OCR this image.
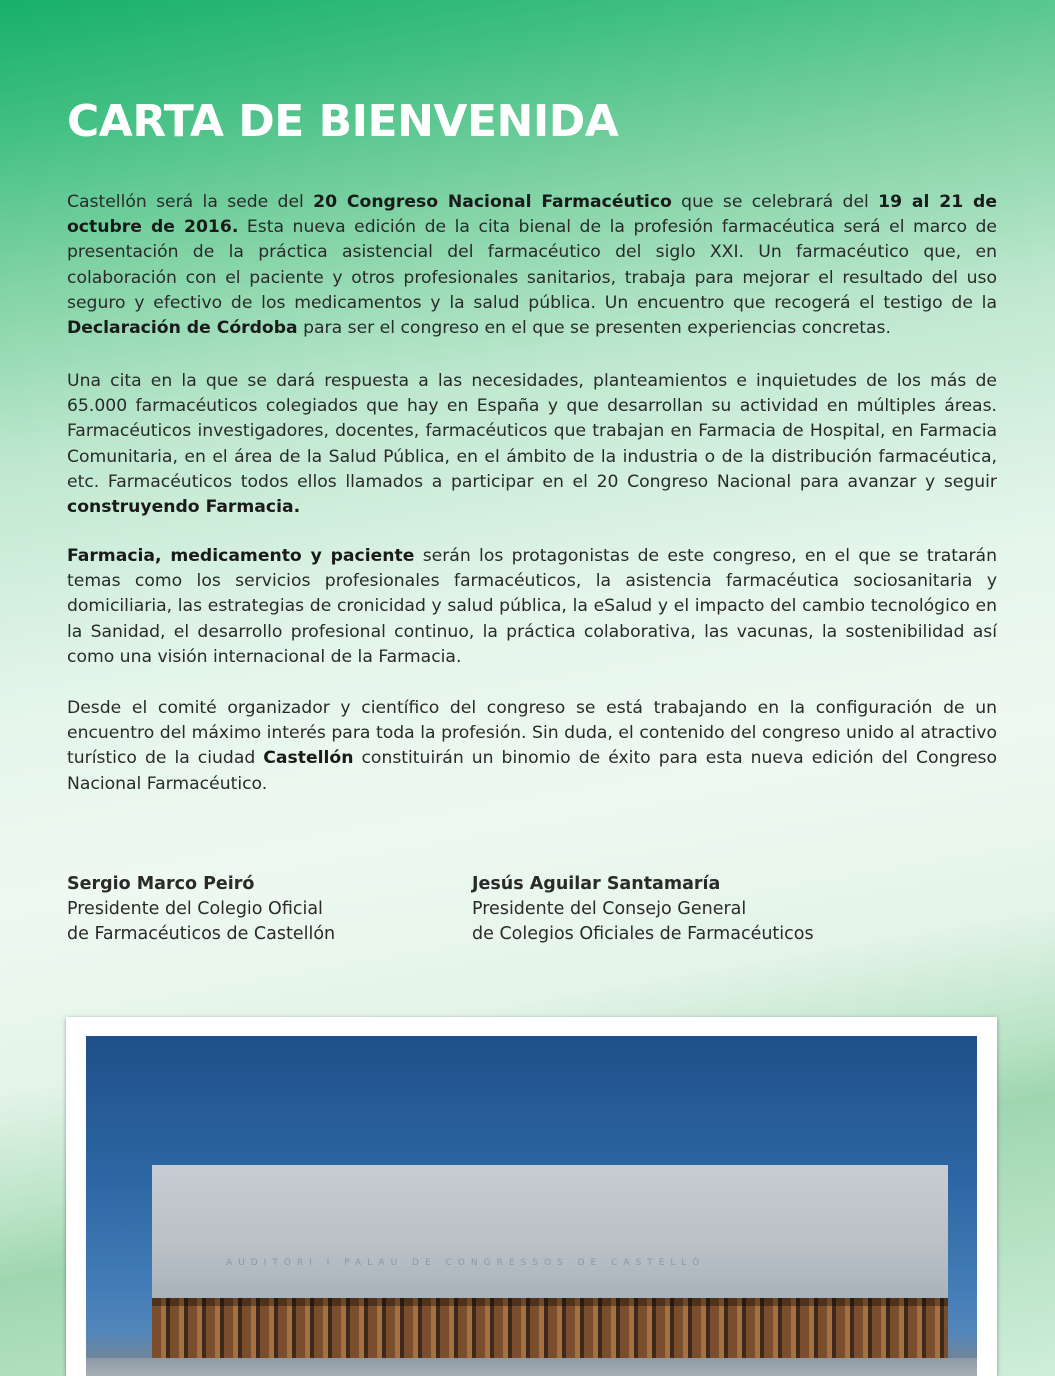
CARTA DE BIENVENIDA

Castellón será la sede del 20 Congreso Nacional Farmacéutico que se celebrará del 19 al 21 de octubre de 2016. Esta nueva edición de la cita bienal de la profesión farmacéutica será el marco de presentación de la práctica asistencial del farmacéutico del siglo XXI. Un farmacéutico que, en colaboración con el paciente y otros profesionales sanitarios, trabaja para mejorar el resultado del uso seguro y efectivo de los medicamentos y la salud pública. Un encuentro que recogerá el testigo de la Declaración de Córdoba para ser el congreso en el que se presenten experiencias concretas.

Una cita en la que se dará respuesta a las necesidades, planteamientos e inquietudes de los más de 65.000 farmacéuticos colegiados que hay en España y que desarrollan su actividad en múltiples áreas. Farmacéuticos investigadores, docentes, farmacéuticos que trabajan en Farmacia de Hospital, en Farmacia Comunitaria, en el área de la Salud Pública, en el ámbito de la industria o de la distribución farmacéutica, etc. Farmacéuticos todos ellos llamados a participar en el 20 Congreso Nacional para avanzar y seguir construyendo Farmacia.

Farmacia, medicamento y paciente serán los protagonistas de este congreso, en el que se tratarán temas como los servicios profesionales farmacéuticos, la asistencia farmacéutica sociosanitaria y domiciliaria, las estrategias de cronicidad y salud pública, la eSalud y el impacto del cambio tecnológico en la Sanidad, el desarrollo profesional continuo, la práctica colaborativa, las vacunas, la sostenibilidad así como una visión internacional de la Farmacia.

Desde el comité organizador y científico del congreso se está trabajando en la configuración de un encuentro del máximo interés para toda la profesión. Sin duda, el contenido del congreso unido al atractivo turístico de la ciudad Castellón constituirán un binomio de éxito para esta nueva edición del Congreso Nacional Farmacéutico.

Sergio Marco Peiró
Presidente del Colegio Oficial
de Farmacéuticos de Castellón
Jesús Aguilar Santamaría
Presidente del Consejo General
de Colegios Oficiales de Farmacéuticos
AUDITORI I PALAU DE CONGRESSOS DE CASTELLÓ
